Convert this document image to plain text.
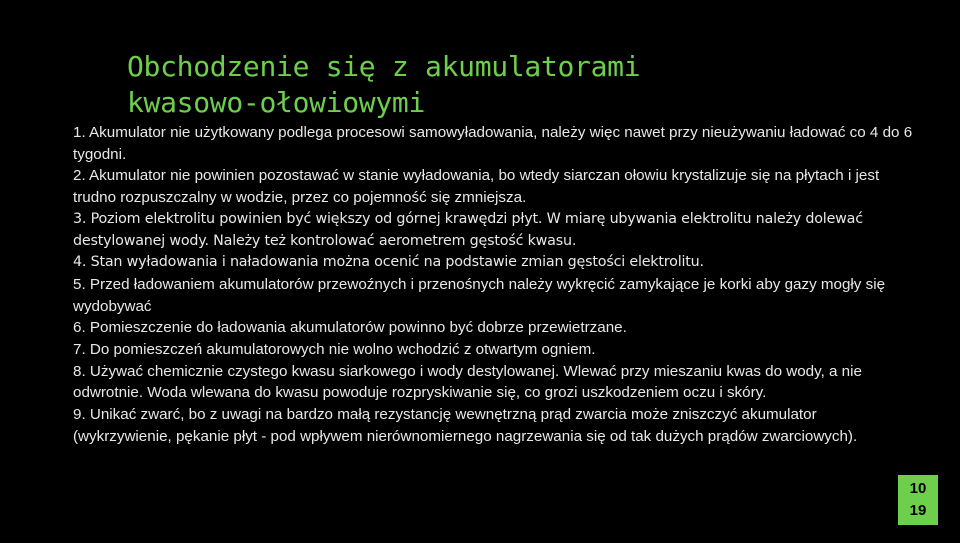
Obchodzenie się z akumulatorami
kwasowo-ołowiowymi

1. Akumulator nie użytkowany podlega procesowi samowyładowania, należy więc nawet przy nieużywaniu ładować co 4 do 6 tygodni.

2. Akumulator nie powinien pozostawać w stanie wyładowania, bo wtedy siarczan ołowiu krystalizuje się na płytach i jest trudno rozpuszczalny w wodzie, przez co pojemność się zmniejsza.

3. Poziom elektrolitu powinien być większy od górnej krawędzi płyt. W miarę ubywania elektrolitu należy dolewać destylowanej wody. Należy też kontrolować aerometrem gęstość kwasu.

4. Stan wyładowania i naładowania można ocenić na podstawie zmian gęstości elektrolitu.

5. Przed ładowaniem akumulatorów przewoźnych i przenośnych należy wykręcić zamykające je korki aby gazy mogły się wydobywać

6. Pomieszczenie do ładowania akumulatorów powinno być dobrze przewietrzane.

7. Do pomieszczeń akumulatorowych nie wolno wchodzić z otwartym ogniem.

8. Używać chemicznie czystego kwasu siarkowego i wody destylowanej. Wlewać przy mieszaniu kwas do wody, a nie odwrotnie. Woda wlewana do kwasu powoduje rozpryskiwanie się, co grozi uszkodzeniem oczu i skóry.

9. Unikać zwarć, bo z uwagi na bardzo małą rezystancję wewnętrzną prąd zwarcia może zniszczyć akumulator (wykrzywienie, pękanie płyt - pod wpływem nierównomiernego nagrzewania się od tak dużych prądów zwarciowych).

10
19
